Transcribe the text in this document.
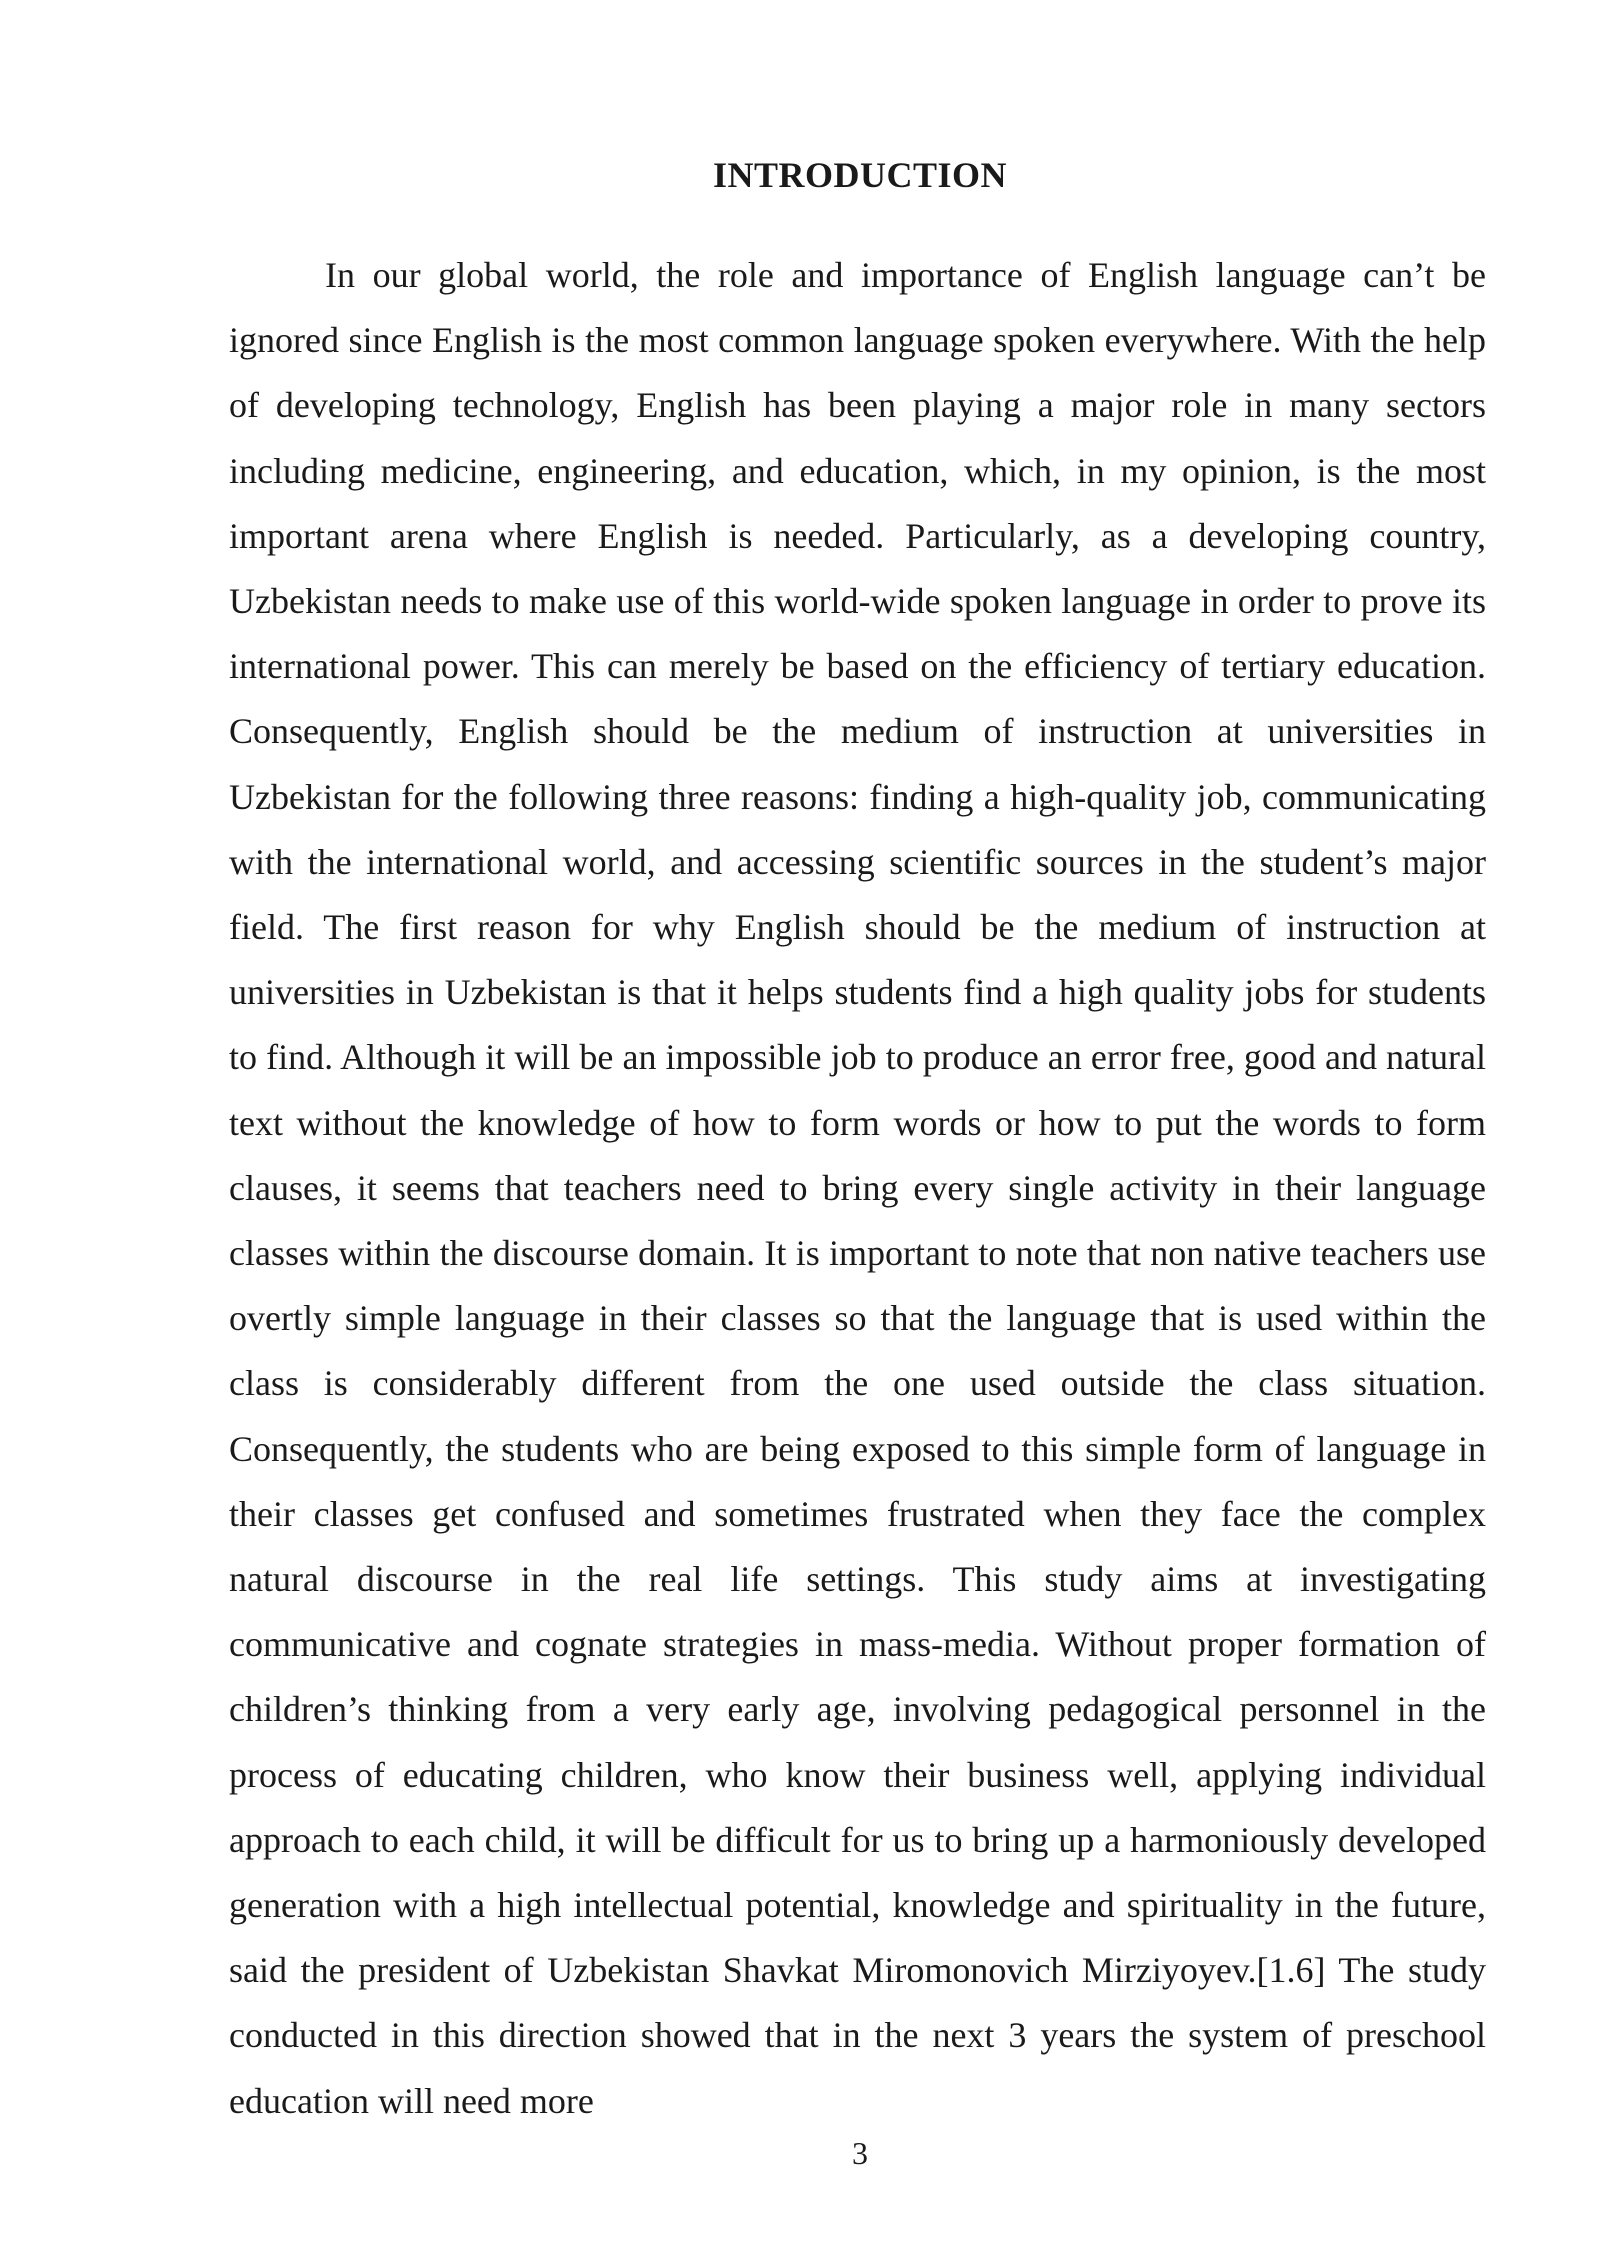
INTRODUCTION

In our global world, the role and importance of English language can’t be ignored since English is the most common language spoken everywhere. With the help of developing technology, English has been playing a major role in many sectors including medicine, engineering, and education, which, in my opinion, is the most important arena where English is needed. Particularly, as a developing country, Uzbekistan needs to make use of this world-wide spoken language in order to prove its international power. This can merely be based on the efficiency of tertiary education. Consequently, English should be the medium of instruction at universities in Uzbekistan for the following three reasons: finding a high-quality job, communicating with the international world, and accessing scientific sources in the student’s major field. The first reason for why English should be the medium of instruction at universities in Uzbekistan is that it helps students find a high quality jobs for students to find. Although it will be an impossible job to produce an error free, good and natural text without the knowledge of how to form words or how to put the words to form clauses, it seems that teachers need to bring every single activity in their language classes within the discourse domain. It is important to note that non native teachers use overtly simple language in their classes so that the language that is used within the class is considerably different from the one used outside the class situation. Consequently, the students who are being exposed to this simple form of language in their classes get confused and sometimes frustrated when they face the complex natural discourse in the real life settings. This study aims at investigating communicative and cognate strategies in mass-media. Without proper formation of children’s thinking from a very early age, involving pedagogical personnel in the process of educating children, who know their business well, applying individual approach to each child, it will be difficult for us to bring up a harmoniously developed generation with a high intellectual potential, knowledge and spirituality in the future, said the president of Uzbekistan Shavkat Miromonovich Mirziyoyev.[1.6] The study conducted in this direction showed that in the next 3 years the system of preschool education will need more

3
